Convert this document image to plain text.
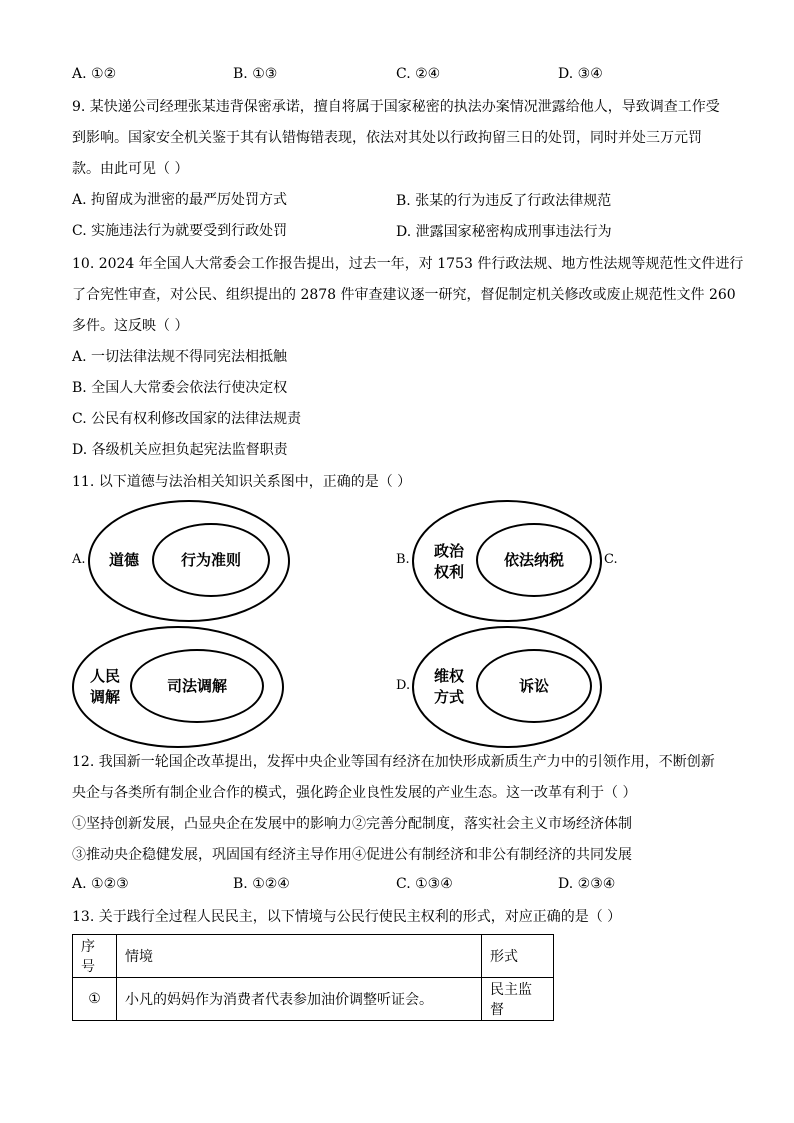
A. ①②	B. ①③	C. ②④	D. ③④
9. 某快递公司经理张某违背保密承诺，擅自将属于国家秘密的执法办案情况泄露给他人，导致调查工作受
到影响。国家安全机关鉴于其有认错悔错表现，依法对其处以行政拘留三日的处罚，同时并处三万元罚
款。由此可见（ ）
A. 拘留成为泄密的最严厉处罚方式	B. 张某的行为违反了行政法律规范
C. 实施违法行为就要受到行政处罚	D. 泄露国家秘密构成刑事违法行为
10. 2024 年全国人大常委会工作报告提出，过去一年，对 1753 件行政法规、地方性法规等规范性文件进行
了合宪性审查，对公民、组织提出的 2878 件审查建议逐一研究，督促制定机关修改或废止规范性文件 260
多件。这反映（ ）
A. 一切法律法规不得同宪法相抵触
B. 全国人大常委会依法行使决定权
C. 公民有权利修改国家的法律法规责
D. 各级机关应担负起宪法监督职责
11. 以下道德与法治相关知识关系图中，正确的是（ ）
A.	道德	行为准则	B.	政治
权利
依法纳税	C.
人民
调解
司法调解	D.
维权
方式
诉讼
12. 我国新一轮国企改革提出，发挥中央企业等国有经济在加快形成新质生产力中的引领作用，不断创新
央企与各类所有制企业合作的模式，强化跨企业良性发展的产业生态。这一改革有利于（ ）
①坚持创新发展，凸显央企在发展中的影响力②完善分配制度，落实社会主义市场经济体制
③推动央企稳健发展，巩固国有经济主导作用④促进公有制经济和非公有制经济的共同发展
A. ①②③	B. ①②④	C. ①③④	D. ②③④
13. 关于践行全过程人民民主，以下情境与公民行使民主权利的形式，对应正确的是（ ）
序号	情境	形式
①	小凡的妈妈作为消费者代表参加油价调整听证会。	民主监督
